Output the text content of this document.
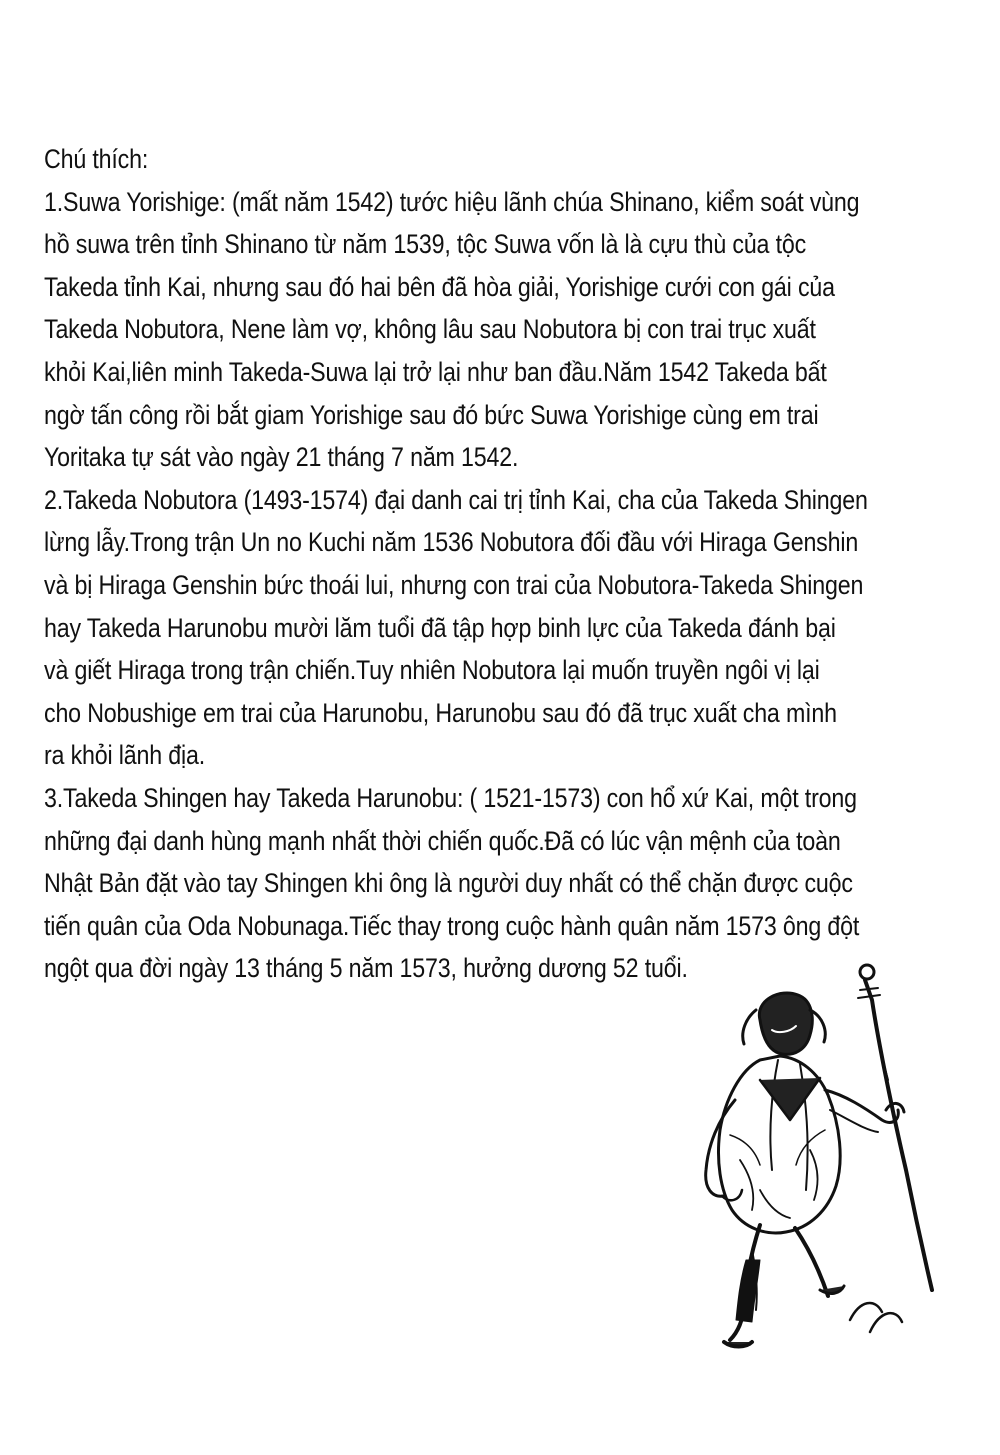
Chú thích:
1.Suwa Yorishige: (mất năm 1542) tước hiệu lãnh chúa Shinano, kiểm soát vùng
hồ suwa trên tỉnh Shinano từ năm 1539, tộc Suwa vốn là là cựu thù của tộc
Takeda tỉnh Kai, nhưng sau đó hai bên đã hòa giải, Yorishige cưới con gái của
Takeda Nobutora, Nene làm vợ, không lâu sau Nobutora bị con trai trục xuất
khỏi Kai,liên minh Takeda-Suwa lại trở lại như ban đầu.Năm 1542 Takeda bất
ngờ tấn công rồi bắt giam Yorishige sau đó bức Suwa Yorishige cùng em trai
Yoritaka tự sát vào ngày 21 tháng 7 năm 1542.
2.Takeda Nobutora (1493-1574) đại danh cai trị tỉnh Kai, cha của Takeda Shingen
lừng lẫy.Trong trận Un no Kuchi năm 1536 Nobutora đối đầu với Hiraga Genshin
và bị Hiraga Genshin bức thoái lui, nhưng con trai của Nobutora-Takeda Shingen
hay Takeda Harunobu mười lăm tuổi đã tập hợp binh lực của Takeda đánh bại
và giết Hiraga trong trận chiến.Tuy nhiên Nobutora lại muốn truyền ngôi vị lại
cho Nobushige em trai của Harunobu, Harunobu sau đó đã trục xuất cha mình
ra khỏi lãnh địa.
3.Takeda Shingen hay Takeda Harunobu: ( 1521-1573) con hổ xứ Kai, một trong
những đại danh hùng mạnh nhất thời chiến quốc.Đã có lúc vận mệnh của toàn
Nhật Bản đặt vào tay Shingen khi ông là người duy nhất có thể chặn được cuộc
tiến quân của Oda Nobunaga.Tiếc thay trong cuộc hành quân năm 1573 ông đột
ngột qua đời ngày 13 tháng 5 năm 1573, hưởng dương 52 tuổi.
